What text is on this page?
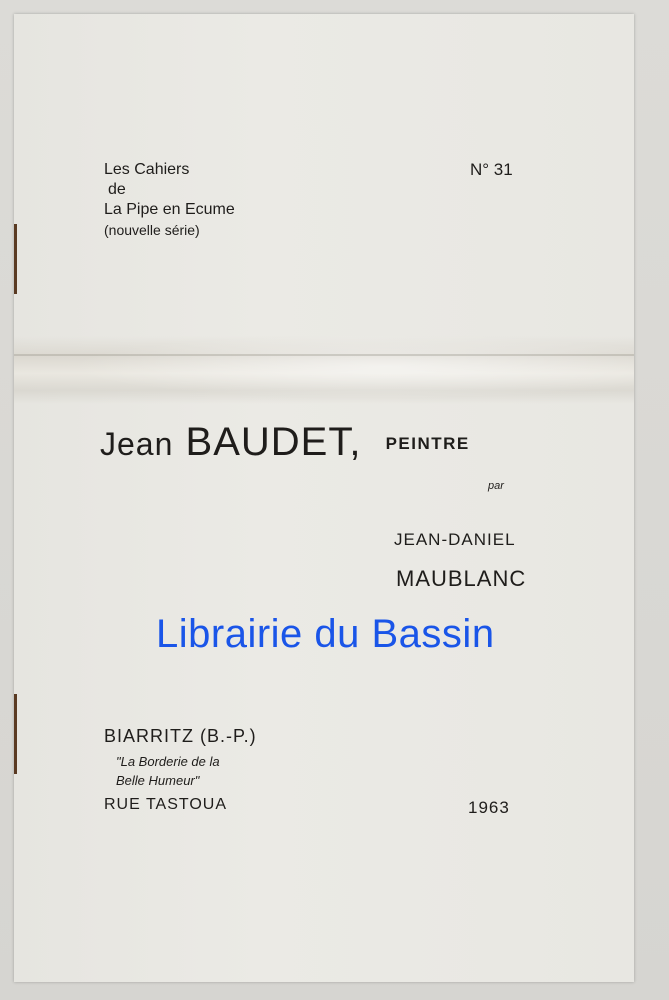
Les Cahiers
de
La Pipe en Ecume
(nouvelle série)
N° 31
Jean BAUDET, PEINTRE
par
JEAN-DANIEL
MAUBLANC
Librairie du Bassin
BIARRITZ (B.-P.)
"La Borderie de la
Belle Humeur"
RUE TASTOUA	1963
